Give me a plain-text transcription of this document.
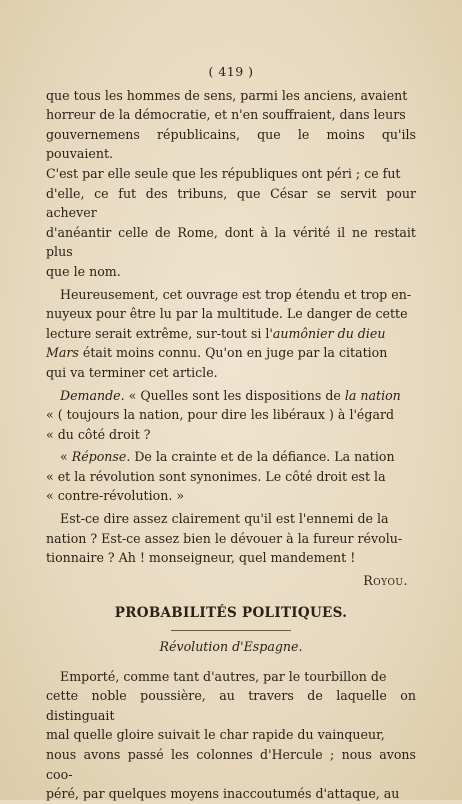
( 419 )

que tous les hommes de sens, parmi les anciens, avaient

horreur de la démocratie, et n'en souffraient, dans leurs

gouvernemens républicains, que le moins qu'ils pouvaient.

C'est par elle seule que les républiques ont péri ; ce fut

d'elle, ce fut des tribuns, que César se servit pour achever

d'anéantir celle de Rome, dont à la vérité il ne restait plus

que le nom.

Heureusement, cet ouvrage est trop étendu et trop en-

nuyeux pour être lu par la multitude. Le danger de cette

lecture serait extrême, sur-tout si l'aumônier du dieu

Mars était moins connu. Qu'on en juge par la citation

qui va terminer cet article.

Demande. « Quelles sont les dispositions de la nation

« ( toujours la nation, pour dire les libéraux ) à l'égard

« du côté droit ?

« Réponse. De la crainte et de la défiance. La nation

« et la révolution sont synonimes. Le côté droit est la

« contre-révolution. »

Est-ce dire assez clairement qu'il est l'ennemi de la

nation ? Est-ce assez bien le dévouer à la fureur révolu-

tionnaire ? Ah ! monseigneur, quel mandement !

Royou.
PROBABILITÉS POLITIQUES.
Révolution d'Espagne.

Emporté, comme tant d'autres, par le tourbillon de

cette noble poussière, au travers de laquelle on distinguait

mal quelle gloire suivait le char rapide du vainqueur,

nous avons passé les colonnes d'Hercule ; nous avons coo-

péré, par quelques moyens inaccoutumés d'attaque, au
